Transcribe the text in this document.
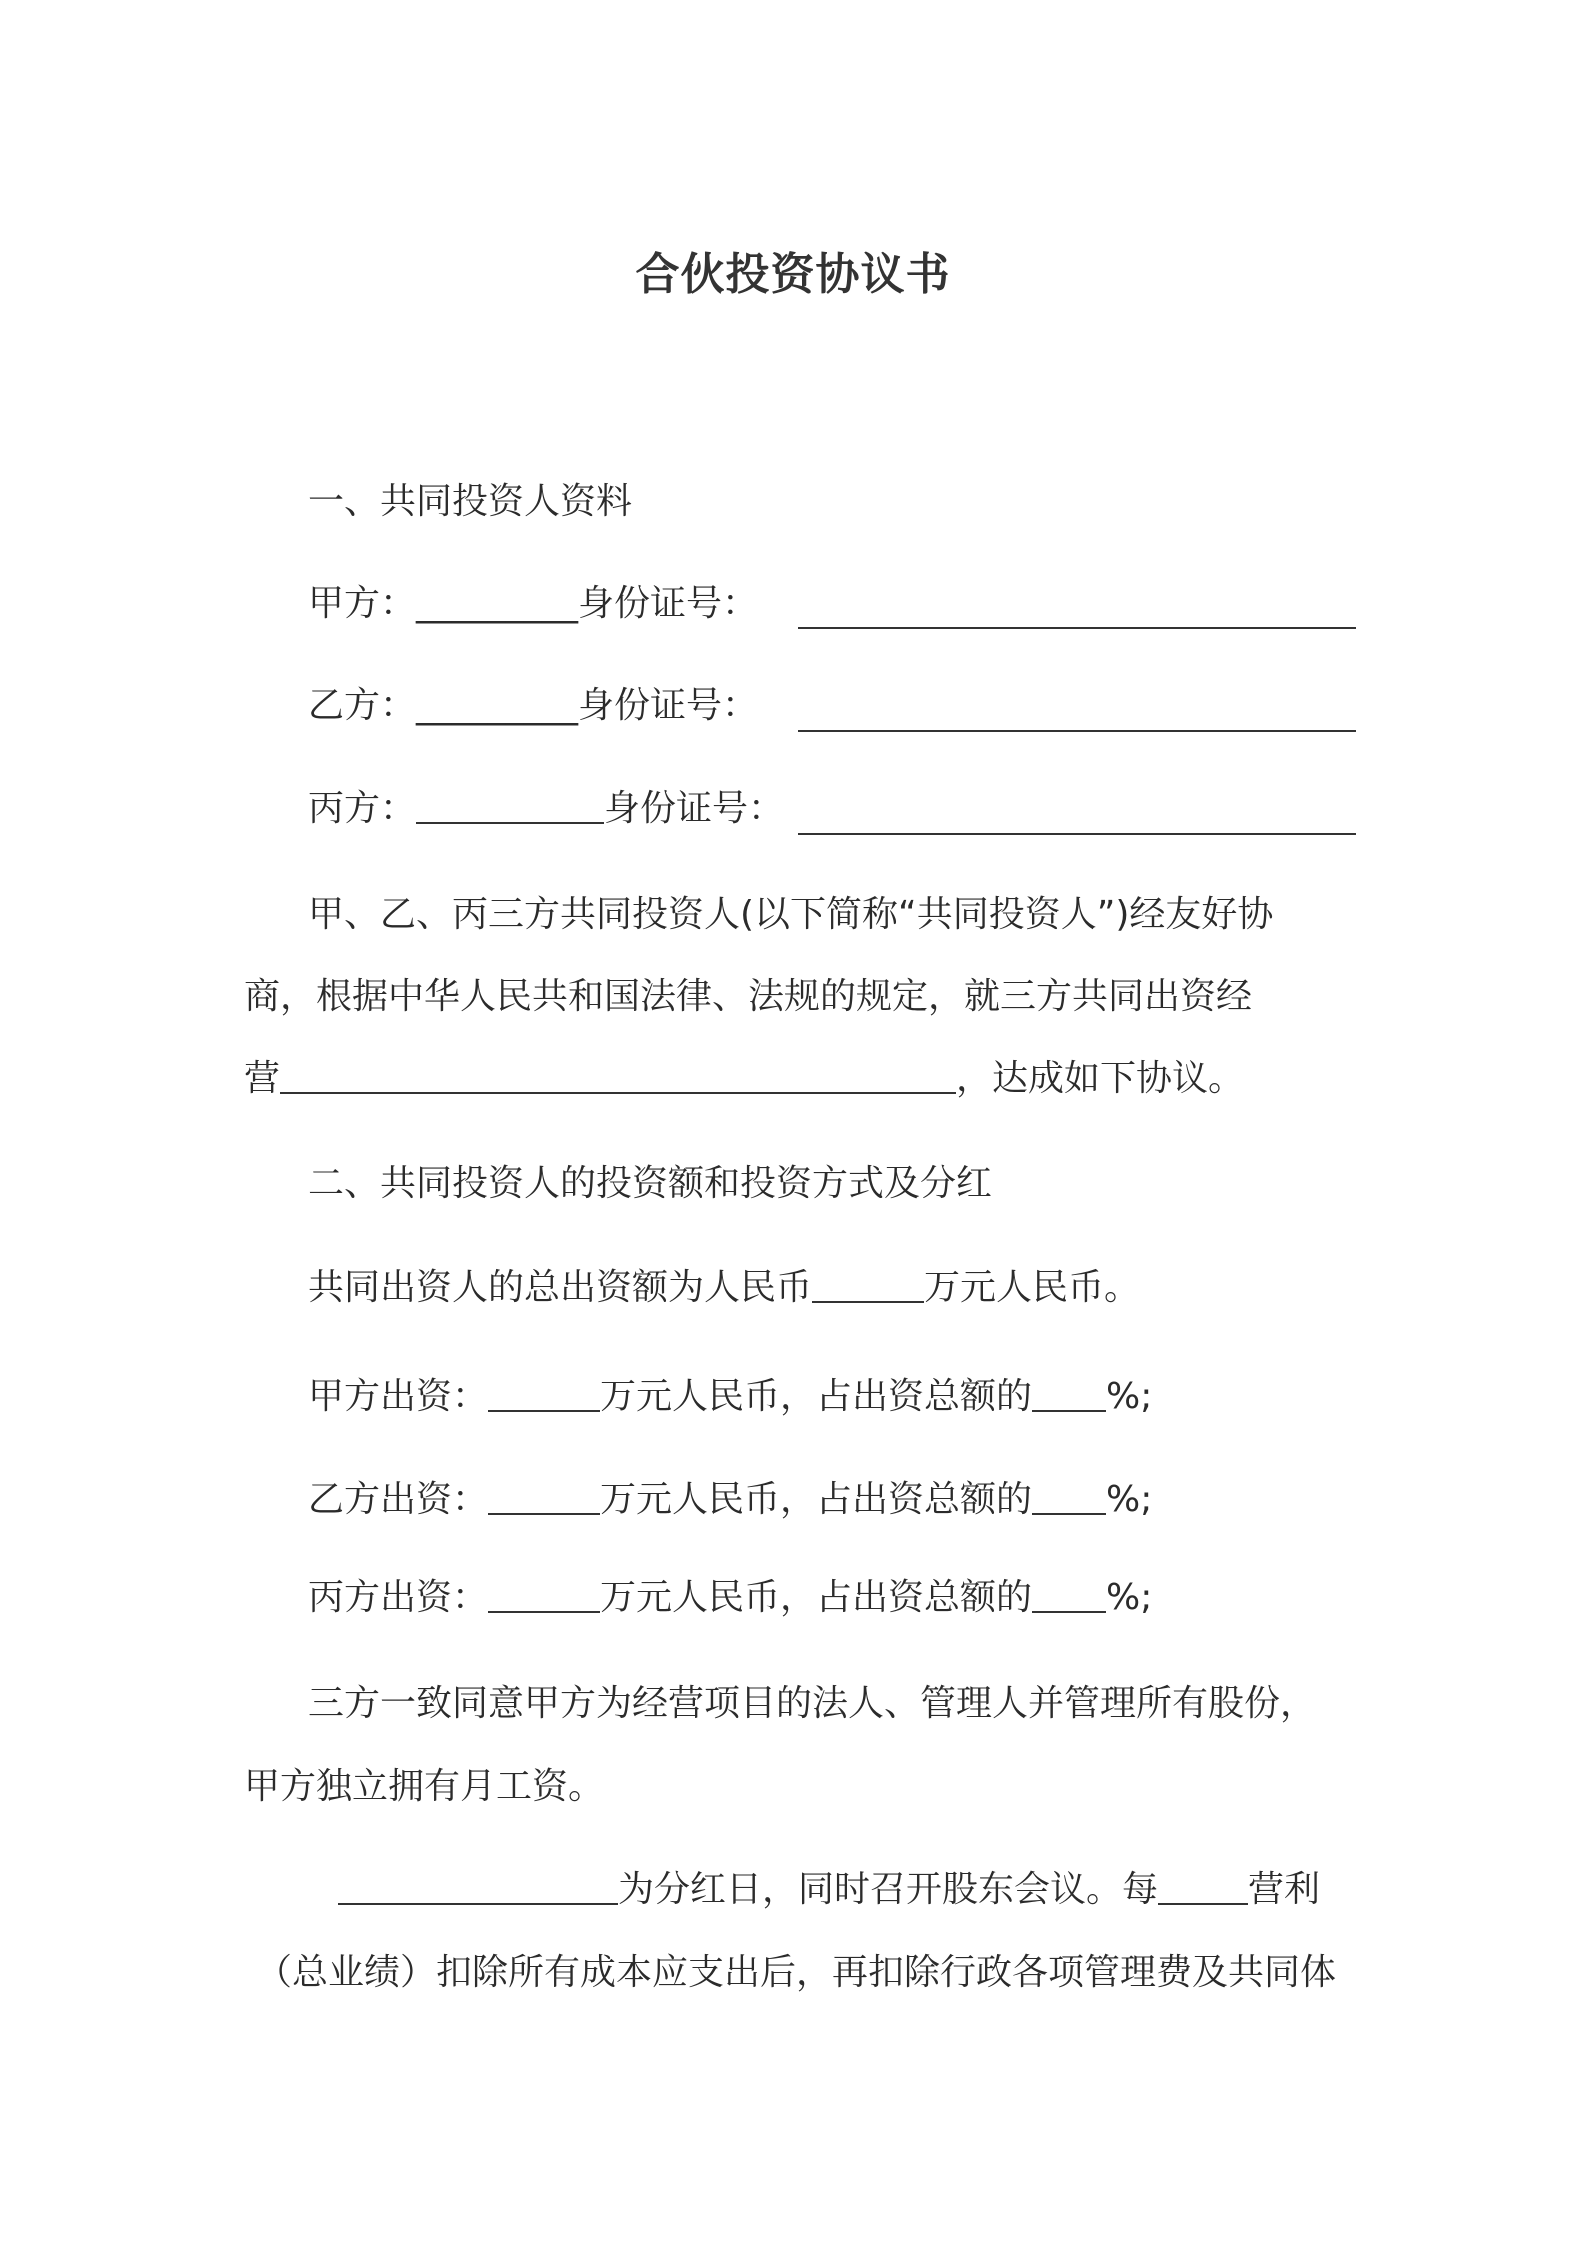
合伙投资协议书
一、共同投资人资料
甲方：_________身份证号：
乙方：_________身份证号：
丙方：	身份证号：
甲、乙、丙三方共同投资人(以下简称“共同投资人”)经友好协
商，根据中华人民共和国法律、法规的规定，就三方共同出资经
营	，达成如下协议。
二、共同投资人的投资额和投资方式及分红
共同出资人的总出资额为人民币	万元人民币。
甲方出资：	万元人民币，占出资总额的 %;
乙方出资：	万元人民币，占出资总额的 %;
丙方出资：	万元人民币，占出资总额的 %;
三方一致同意甲方为经营项目的法人、管理人并管理所有股份，
甲方独立拥有月工资。
为分红日，同时召开股东会议。每	营利
（总业绩）扣除所有成本应支出后，再扣除行政各项管理费及共同体
